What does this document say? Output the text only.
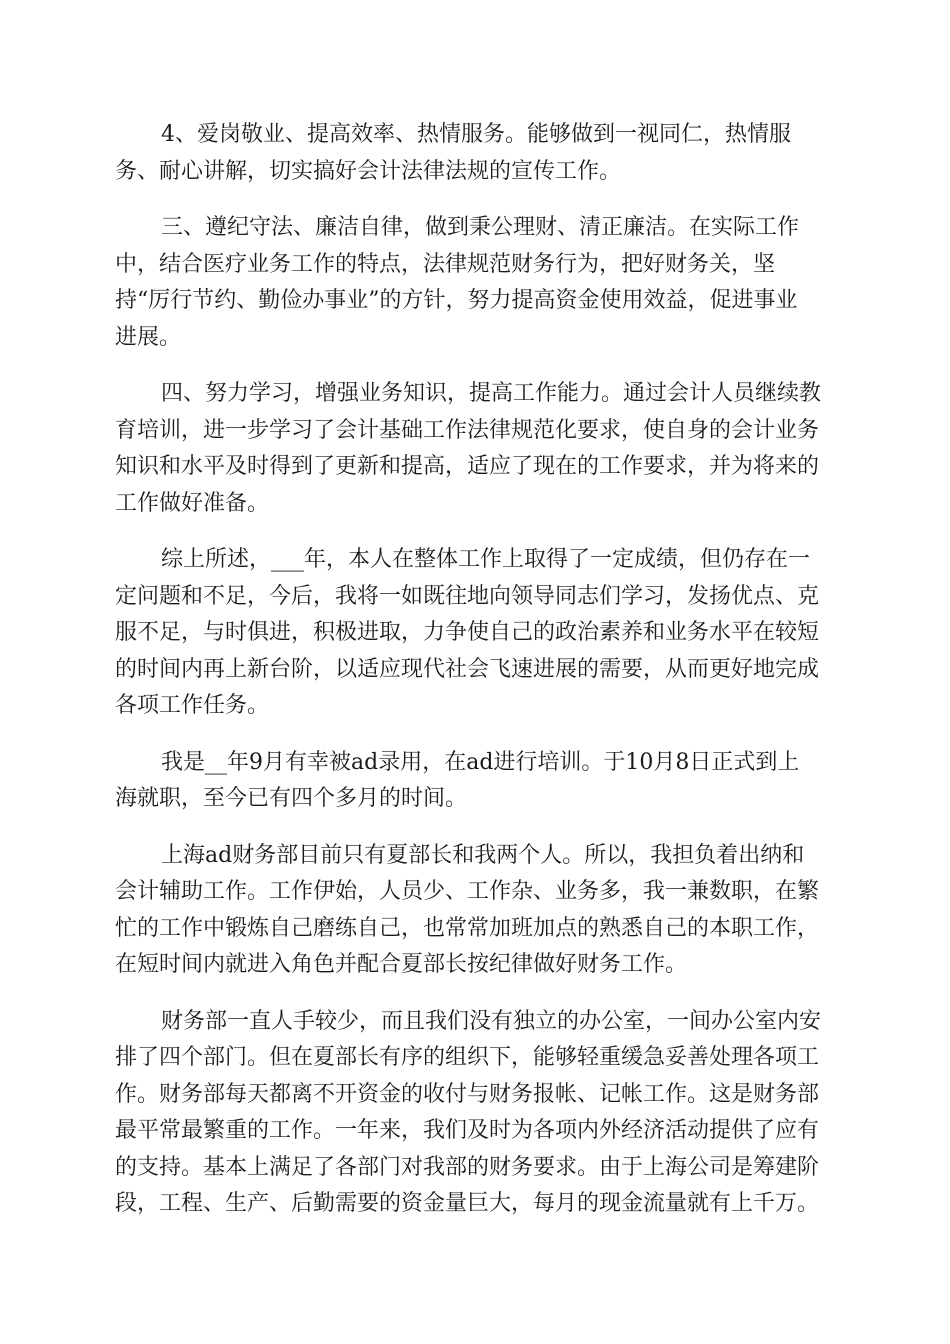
4、爱岗敬业、提高效率、热情服务。能够做到一视同仁，热情服
务、耐心讲解，切实搞好会计法律法规的宣传工作。

三、遵纪守法、廉洁自律，做到秉公理财、清正廉洁。在实际工作
中，结合医疗业务工作的特点，法律规范财务行为，把好财务关，坚
持“厉行节约、勤俭办事业”的方针，努力提高资金使用效益，促进事业
进展。

四、努力学习，增强业务知识，提高工作能力。通过会计人员继续教
育培训，进一步学习了会计基础工作法律规范化要求，使自身的会计业务
知识和水平及时得到了更新和提高，适应了现在的工作要求，并为将来的
工作做好准备。

综上所述，___年，本人在整体工作上取得了一定成绩，但仍存在一
定问题和不足，今后，我将一如既往地向领导同志们学习，发扬优点、克
服不足，与时俱进，积极进取，力争使自己的政治素养和业务水平在较短
的时间内再上新台阶，以适应现代社会飞速进展的需要，从而更好地完成
各项工作任务。

我是__年9月有幸被ad录用，在ad进行培训。于10月8日正式到上
海就职，至今已有四个多月的时间。

上海ad财务部目前只有夏部长和我两个人。所以，我担负着出纳和
会计辅助工作。工作伊始，人员少、工作杂、业务多，我一兼数职，在繁
忙的工作中锻炼自己磨练自己，也常常加班加点的熟悉自己的本职工作，
在短时间内就进入角色并配合夏部长按纪律做好财务工作。

财务部一直人手较少，而且我们没有独立的办公室，一间办公室内安
排了四个部门。但在夏部长有序的组织下，能够轻重缓急妥善处理各项工
作。财务部每天都离不开资金的收付与财务报帐、记帐工作。这是财务部
最平常最繁重的工作。一年来，我们及时为各项内外经济活动提供了应有
的支持。基本上满足了各部门对我部的财务要求。由于上海公司是筹建阶
段，工程、生产、后勤需要的资金量巨大，每月的现金流量就有上千万。
